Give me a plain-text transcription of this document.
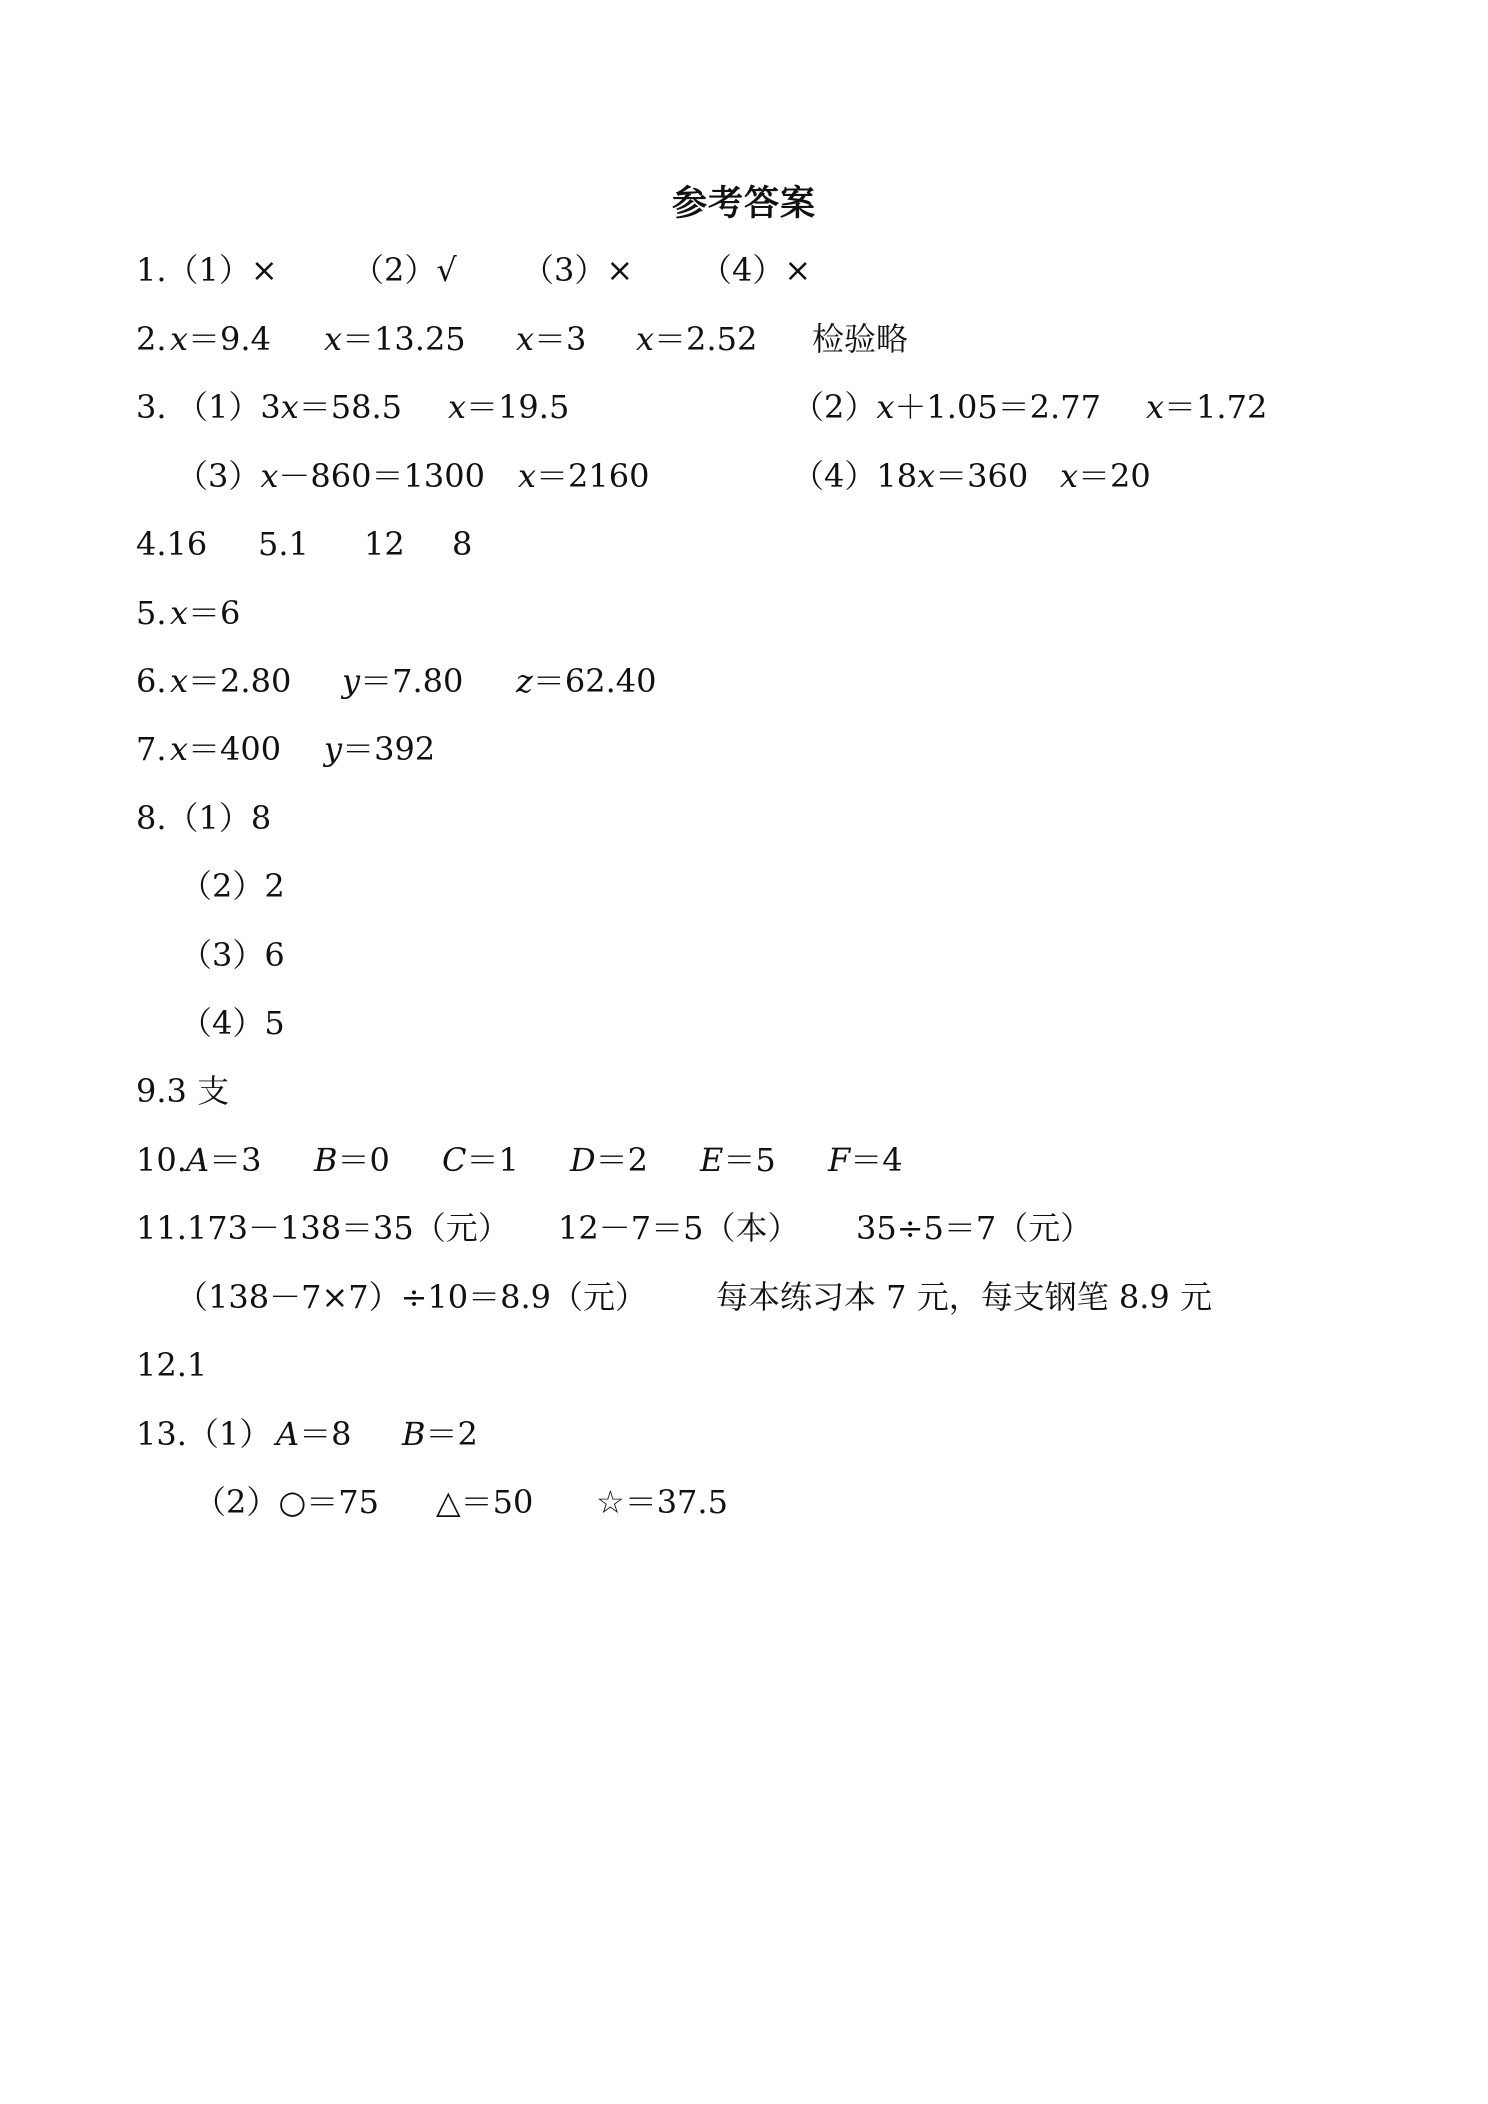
参考答案

1.（1）×

（2）√

（3）×

（4）×

2.

x＝9.4

x＝13.25

x＝3

x＝2.52

检验略

3.

（1）3x＝58.5

x＝19.5

	（2）x＋1.05＝2.77

x＝1.72

（3）x－860＝1300

x＝2160

	（4）18x＝360

x＝20

4.16

5.1

12

8

5.

x＝6

6.

x＝2.80

y＝7.80

z＝62.40

7.

x＝400

y＝392

8.（1）8

（2）2

（3）6

（4）5

9.3 支

10.

A＝3

B＝0

C＝1

D＝2

E＝5

F＝4

11.173－138＝35（元）

12－7＝5（本）

35÷5＝7（元）

（138－7×7）÷10＝8.9（元）

每本练习本 7 元，每支钢笔 8.9 元

12.1

13.（1）

A＝8

B＝2

（2）○＝75

△＝50

☆＝37.5
